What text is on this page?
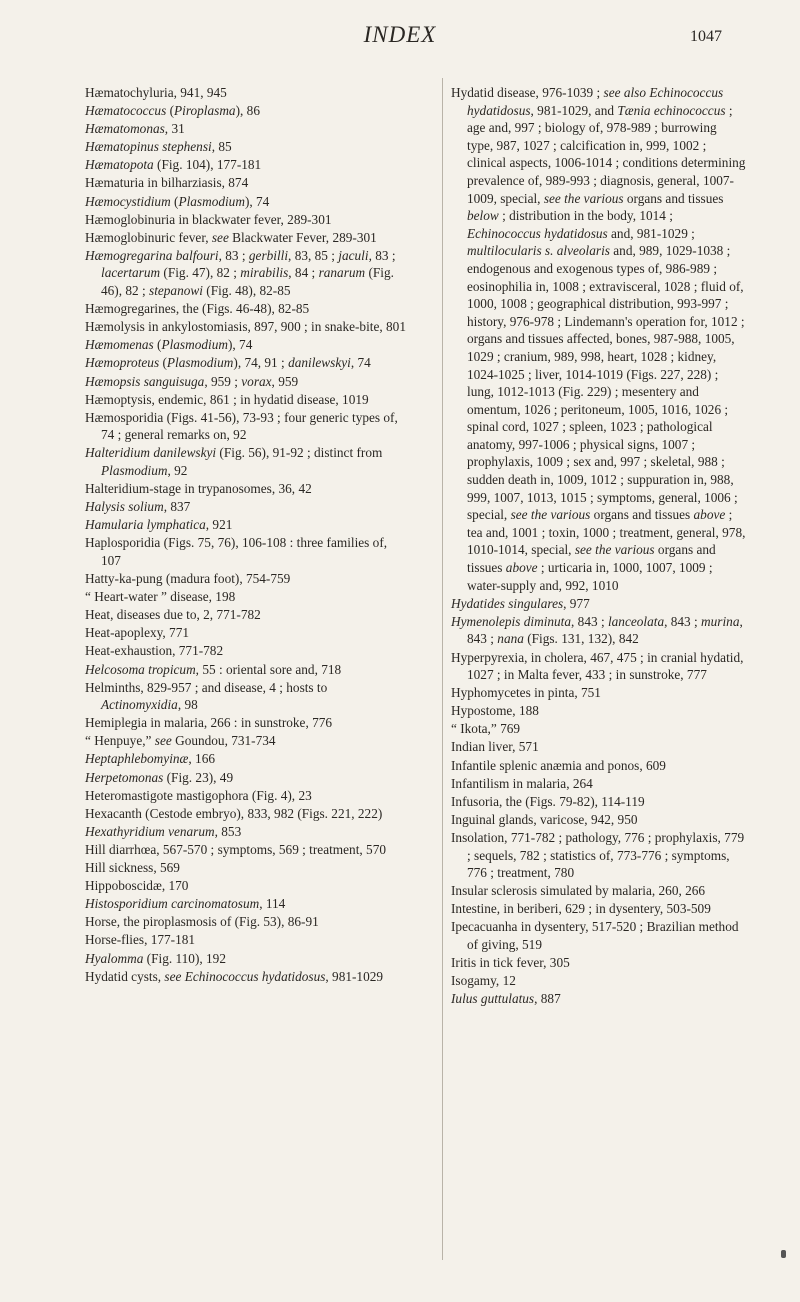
INDEX	1047
Hæmatochyluria, 941, 945
Hæmatococcus (Piroplasma), 86
Hæmatomonas, 31
Hæmatopinus stephensi, 85
Hæmatopota (Fig. 104), 177-181
Hæmaturia in bilharziasis, 874
Hæmocystidium (Plasmodium), 74
Hæmoglobinuria in blackwater fever, 289-301
Hæmoglobinuric fever, see Blackwater Fever, 289-301
Hæmogregarina balfouri, 83 ; gerbilli, 83, 85 ; jaculi, 83 ; lacertarum (Fig. 47), 82 ; mirabilis, 84 ; ranarum (Fig. 46), 82 ; stepanowi (Fig. 48), 82-85
Hæmogregarines, the (Figs. 46-48), 82-85
Hæmolysis in ankylostomiasis, 897, 900 ; in snake-bite, 801
Hæmomenas (Plasmodium), 74
Hæmoproteus (Plasmodium), 74, 91 ; danilewskyi, 74
Hæmopsis sanguisuga, 959 ; vorax, 959
Hæmoptysis, endemic, 861 ; in hydatid disease, 1019
Hæmosporidia (Figs. 41-56), 73-93 ; four generic types of, 74 ; general remarks on, 92
Halteridium danilewskyi (Fig. 56), 91-92 ; distinct from Plasmodium, 92
Halteridium-stage in trypanosomes, 36, 42
Halysis solium, 837
Hamularia lymphatica, 921
Haplosporidia (Figs. 75, 76), 106-108 : three families of, 107
Hatty-ka-pung (madura foot), 754-759
“ Heart-water ” disease, 198
Heat, diseases due to, 2, 771-782
Heat-apoplexy, 771
Heat-exhaustion, 771-782
Helcosoma tropicum, 55 : oriental sore and, 718
Helminths, 829-957 ; and disease, 4 ; hosts to Actinomyxidia, 98
Hemiplegia in malaria, 266 : in sunstroke, 776
“ Henpuye,” see Goundou, 731-734
Heptaphlebomyinæ, 166
Herpetomonas (Fig. 23), 49
Heteromastigote mastigophora (Fig. 4), 23
Hexacanth (Cestode embryo), 833, 982 (Figs. 221, 222)
Hexathyridium venarum, 853
Hill diarrhœa, 567-570 ; symptoms, 569 ; treatment, 570
Hill sickness, 569
Hippoboscidæ, 170
Histosporidium carcinomatosum, 114
Horse, the piroplasmosis of (Fig. 53), 86-91
Horse-flies, 177-181
Hyalomma (Fig. 110), 192
Hydatid cysts, see Echinococcus hydatidosus, 981-1029
Hydatid disease, 976-1039 ; see also Echinococcus hydatidosus, 981-1029, and Tænia echinococcus ; age and, 997 ; biology of, 978-989 ; burrowing type, 987, 1027 ; calcification in, 999, 1002 ; clinical aspects, 1006-1014 ; conditions determining prevalence of, 989-993 ; diagnosis, general, 1007-1009, special, see the various organs and tissues below ; distribution in the body, 1014 ; Echinococcus hydatidosus and, 981-1029 ; multilocularis s. alveolaris and, 989, 1029-1038 ; endogenous and exogenous types of, 986-989 ; eosinophilia in, 1008 ; extravisceral, 1028 ; fluid of, 1000, 1008 ; geographical distribution, 993-997 ; history, 976-978 ; Lindemann's operation for, 1012 ; organs and tissues affected, bones, 987-988, 1005, 1029 ; cranium, 989, 998, heart, 1028 ; kidney, 1024-1025 ; liver, 1014-1019 (Figs. 227, 228) ; lung, 1012-1013 (Fig. 229) ; mesentery and omentum, 1026 ; peritoneum, 1005, 1016, 1026 ; spinal cord, 1027 ; spleen, 1023 ; pathological anatomy, 997-1006 ; physical signs, 1007 ; prophylaxis, 1009 ; sex and, 997 ; skeletal, 988 ; sudden death in, 1009, 1012 ; suppuration in, 988, 999, 1007, 1013, 1015 ; symptoms, general, 1006 ; special, see the various organs and tissues above ; tea and, 1001 ; toxin, 1000 ; treatment, general, 978, 1010-1014, special, see the various organs and tissues above ; urticaria in, 1000, 1007, 1009 ; water-supply and, 992, 1010
Hydatides singulares, 977
Hymenolepis diminuta, 843 ; lanceolata, 843 ; murina, 843 ; nana (Figs. 131, 132), 842
Hyperpyrexia, in cholera, 467, 475 ; in cranial hydatid, 1027 ; in Malta fever, 433 ; in sunstroke, 777
Hyphomycetes in pinta, 751
Hypostome, 188
“ Ikota,” 769
Indian liver, 571
Infantile splenic anæmia and ponos, 609
Infantilism in malaria, 264
Infusoria, the (Figs. 79-82), 114-119
Inguinal glands, varicose, 942, 950
Insolation, 771-782 ; pathology, 776 ; prophylaxis, 779 ; sequels, 782 ; statistics of, 773-776 ; symptoms, 776 ; treatment, 780
Insular sclerosis simulated by malaria, 260, 266
Intestine, in beriberi, 629 ; in dysentery, 503-509
Ipecacuanha in dysentery, 517-520 ; Brazilian method of giving, 519
Iritis in tick fever, 305
Isogamy, 12
Iulus guttulatus, 887
